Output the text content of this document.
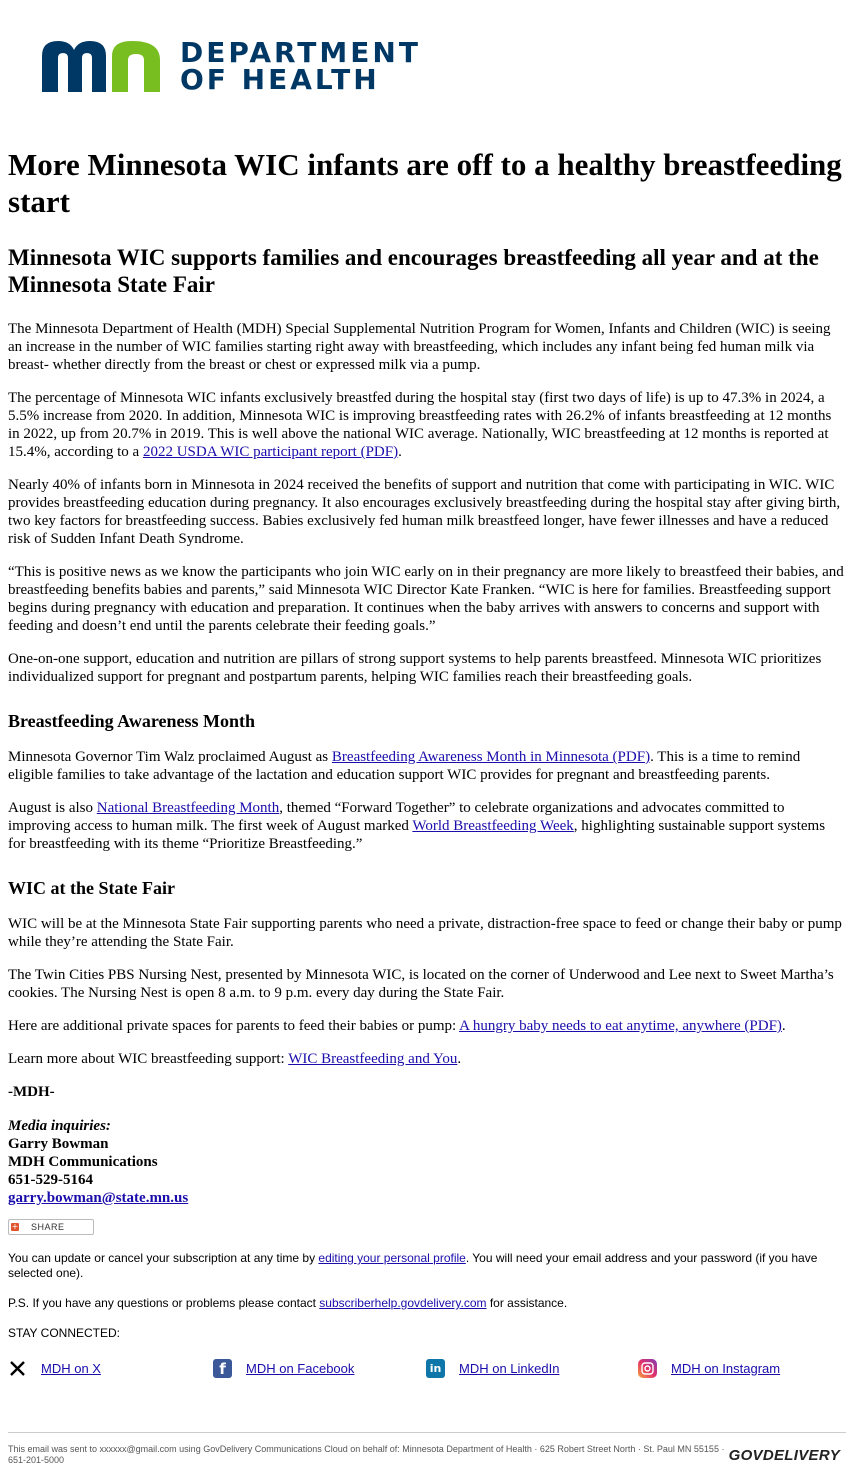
DEPARTMENT
OF HEALTH
More Minnesota WIC infants are off to a healthy breastfeeding start
Minnesota WIC supports families and encourages breastfeeding all year and at the Minnesota State Fair

The Minnesota Department of Health (MDH) Special Supplemental Nutrition Program for Women, Infants and Children (WIC) is seeing an increase in the number of WIC families starting right away with breastfeeding, which includes any infant being fed human milk via breast- whether directly from the breast or chest or expressed milk via a pump.

The percentage of Minnesota WIC infants exclusively breastfed during the hospital stay (first two days of life) is up to 47.3% in 2024, a 5.5% increase from 2020. In addition, Minnesota WIC is improving breastfeeding rates with 26.2% of infants breastfeeding at 12 months in 2022, up from 20.7% in 2019. This is well above the national WIC average. Nationally, WIC breastfeeding at 12 months is reported at 15.4%, according to a 2022 USDA WIC participant report (PDF).

Nearly 40% of infants born in Minnesota in 2024 received the benefits of support and nutrition that come with participating in WIC. WIC provides breastfeeding education during pregnancy. It also encourages exclusively breastfeeding during the hospital stay after giving birth, two key factors for breastfeeding success. Babies exclusively fed human milk breastfeed longer, have fewer illnesses and have a reduced risk of Sudden Infant Death Syndrome.

“This is positive news as we know the participants who join WIC early on in their pregnancy are more likely to breastfeed their babies, and breastfeeding benefits babies and parents,” said Minnesota WIC Director Kate Franken. “WIC is here for families. Breastfeeding support begins during pregnancy with education and preparation. It continues when the baby arrives with answers to concerns and support with feeding and doesn’t end until the parents celebrate their feeding goals.”

One-on-one support, education and nutrition are pillars of strong support systems to help parents breastfeed. Minnesota WIC prioritizes individualized support for pregnant and postpartum parents, helping WIC families reach their breastfeeding goals.

Breastfeeding Awareness Month

Minnesota Governor Tim Walz proclaimed August as Breastfeeding Awareness Month in Minnesota (PDF). This is a time to remind eligible families to take advantage of the lactation and education support WIC provides for pregnant and breastfeeding parents.

August is also National Breastfeeding Month, themed “Forward Together” to celebrate organizations and advocates committed to improving access to human milk. The first week of August marked World Breastfeeding Week, highlighting sustainable support systems for breastfeeding with its theme “Prioritize Breastfeeding.”

WIC at the State Fair

WIC will be at the Minnesota State Fair supporting parents who need a private, distraction-free space to feed or change their baby or pump while they’re attending the State Fair.

The Twin Cities PBS Nursing Nest, presented by Minnesota WIC, is located on the corner of Underwood and Lee next to Sweet Martha’s cookies. The Nursing Nest is open 8 a.m. to 9 p.m. every day during the State Fair.

Here are additional private spaces for parents to feed their babies or pump: A hungry baby needs to eat anytime, anywhere (PDF).

Learn more about WIC breastfeeding support: WIC Breastfeeding and You.

-MDH-

Media inquiries:
Garry Bowman
MDH Communications
651-529-5164
garry.bowman@state.mn.us
+ SHARE

You can update or cancel your subscription at any time by editing your personal profile. You will need your email address and your password (if you have selected one).

P.S. If you have any questions or problems please contact subscriberhelp.govdelivery.com for assistance.

STAY CONNECTED:

MDH on X	f MDH on Facebook	in MDH on LinkedIn	MDH on Instagram
This email was sent to xxxxxx@gmail.com using GovDelivery Communications Cloud on behalf of: Minnesota Department of Health · 625 Robert Street North · St. Paul MN 55155 · 651-201-5000	GOVDELIVERY
